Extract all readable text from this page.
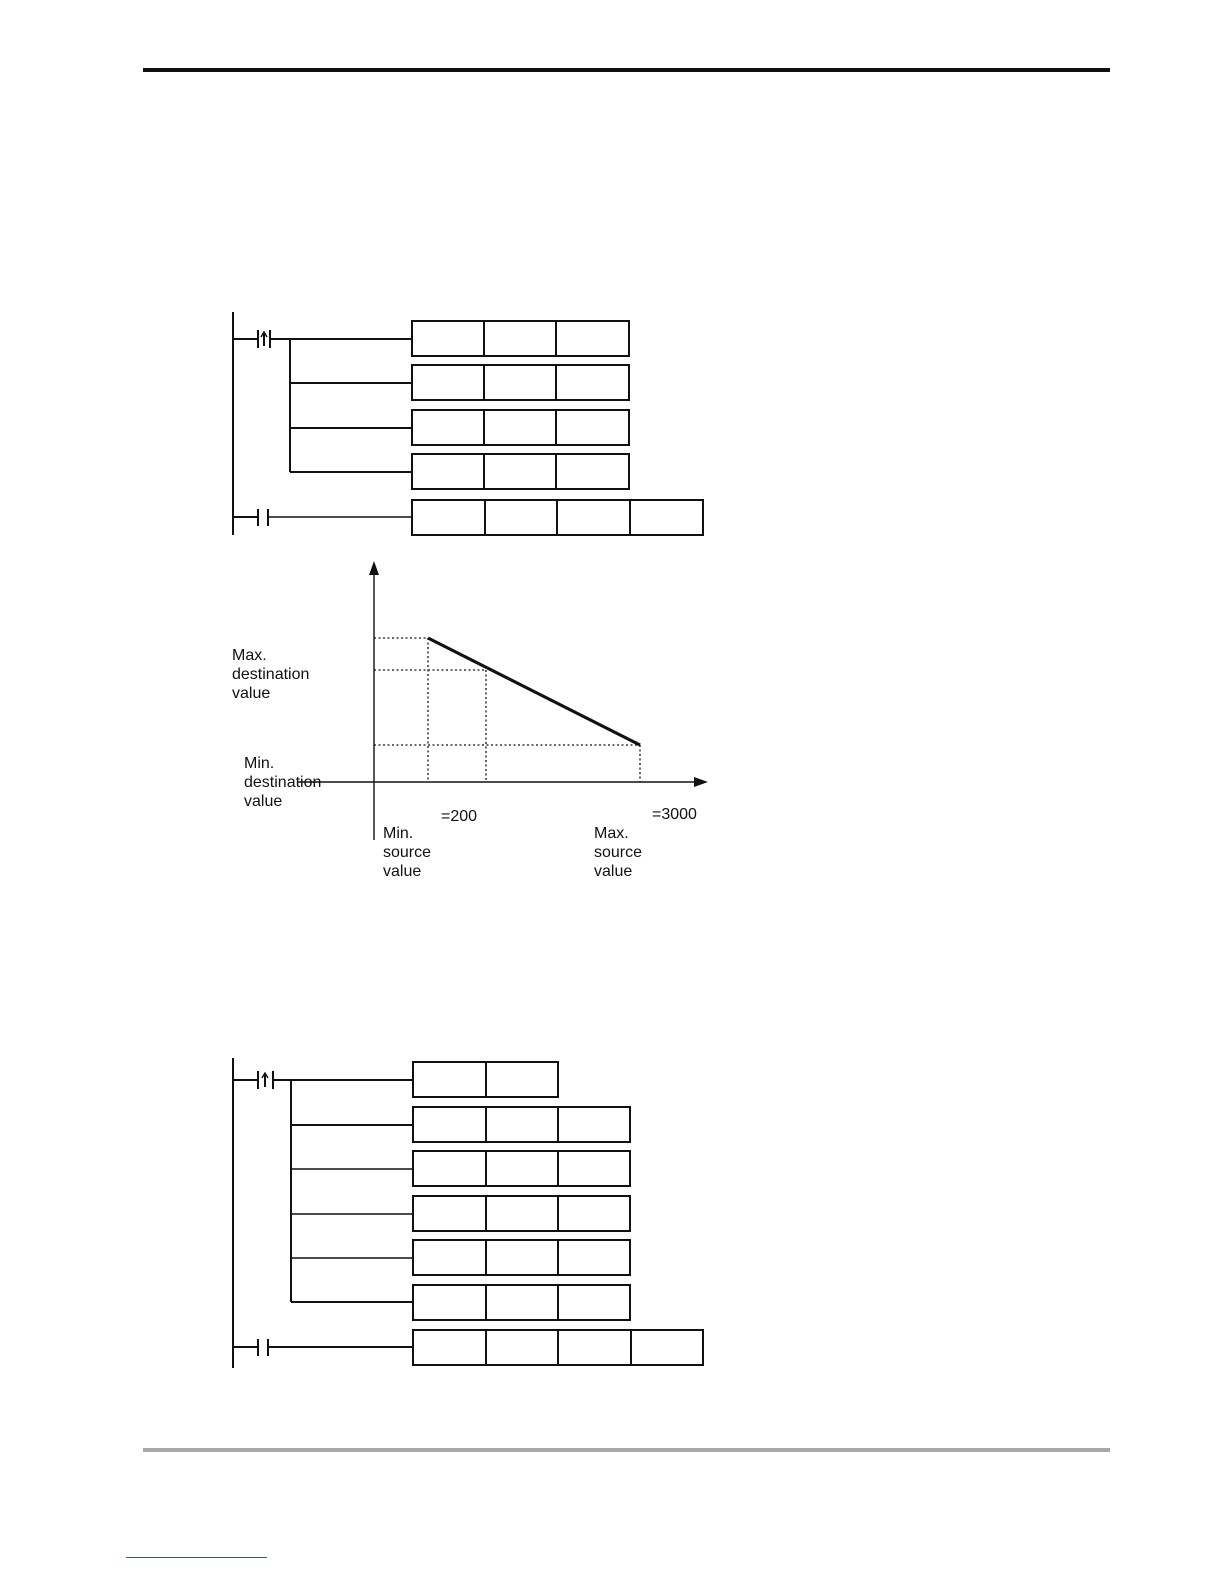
Max.
destination
value

Min.
destination
value

Min.
source
value

=200

Max.
source
value

=3000
